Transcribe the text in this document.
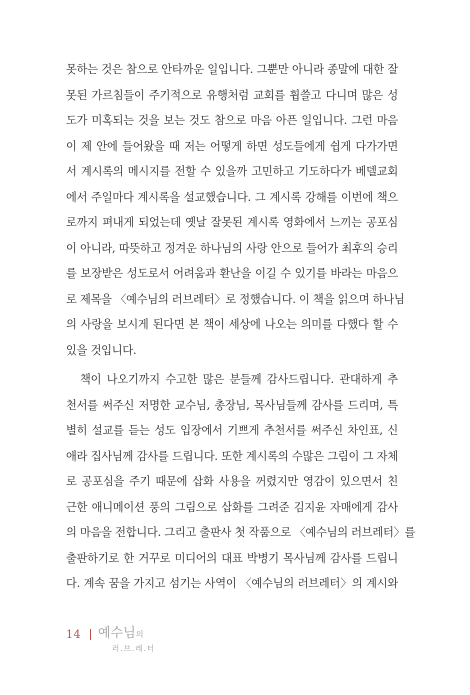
못하는 것은 참으로 안타까운 일입니다. 그뿐만 아니라 종말에 대한 잘
못된 가르침들이 주기적으로 유행처럼 교회를 휩쓸고 다니며 많은 성
도가 미혹되는 것을 보는 것도 참으로 마음 아픈 일입니다. 그런 마음
이 제 안에 들어왔을 때 저는 어떻게 하면 성도들에게 쉽게 다가가면
서 계시록의 메시지를 전할 수 있을까 고민하고 기도하다가 베델교회
에서 주일마다 계시록을 설교했습니다. 그 계시록 강해를 이번에 책으
로까지 펴내게 되었는데 옛날 잘못된 계시록 영화에서 느끼는 공포심
이 아니라, 따뜻하고 정겨운 하나님의 사랑 안으로 들어가 최후의 승리
를 보장받은 성도로서 어려움과 환난을 이길 수 있기를 바라는 마음으
로 제목을 〈예수님의 러브레터〉로 정했습니다. 이 책을 읽으며 하나님
의 사랑을 보시게 된다면 본 책이 세상에 나오는 의미를 다했다 할 수
있을 것입니다.
책이 나오기까지 수고한 많은 분들께 감사드립니다. 관대하게 추
천서를 써주신 저명한 교수님, 총장님, 목사님들께 감사를 드리며, 특
별히 설교를 듣는 성도 입장에서 기쁘게 추천서를 써주신 차인표, 신
애라 집사님께 감사를 드립니다. 또한 계시록의 수많은 그림이 그 자체
로 공포심을 주기 때문에 삽화 사용을 꺼렸지만 영감이 있으면서 친
근한 애니메이션 풍의 그림으로 삽화를 그려준 김지윤 자매에게 감사
의 마음을 전합니다. 그리고 출판사 첫 작품으로 〈예수님의 러브레터〉를
출판하기로 한 거꾸로 미디어의 대표 박병기 목사님께 감사를 드립니
다. 계속 꿈을 가지고 섬기는 사역이 〈예수님의 러브레터〉의 계시와
14 예수님의
러.브.레.터
